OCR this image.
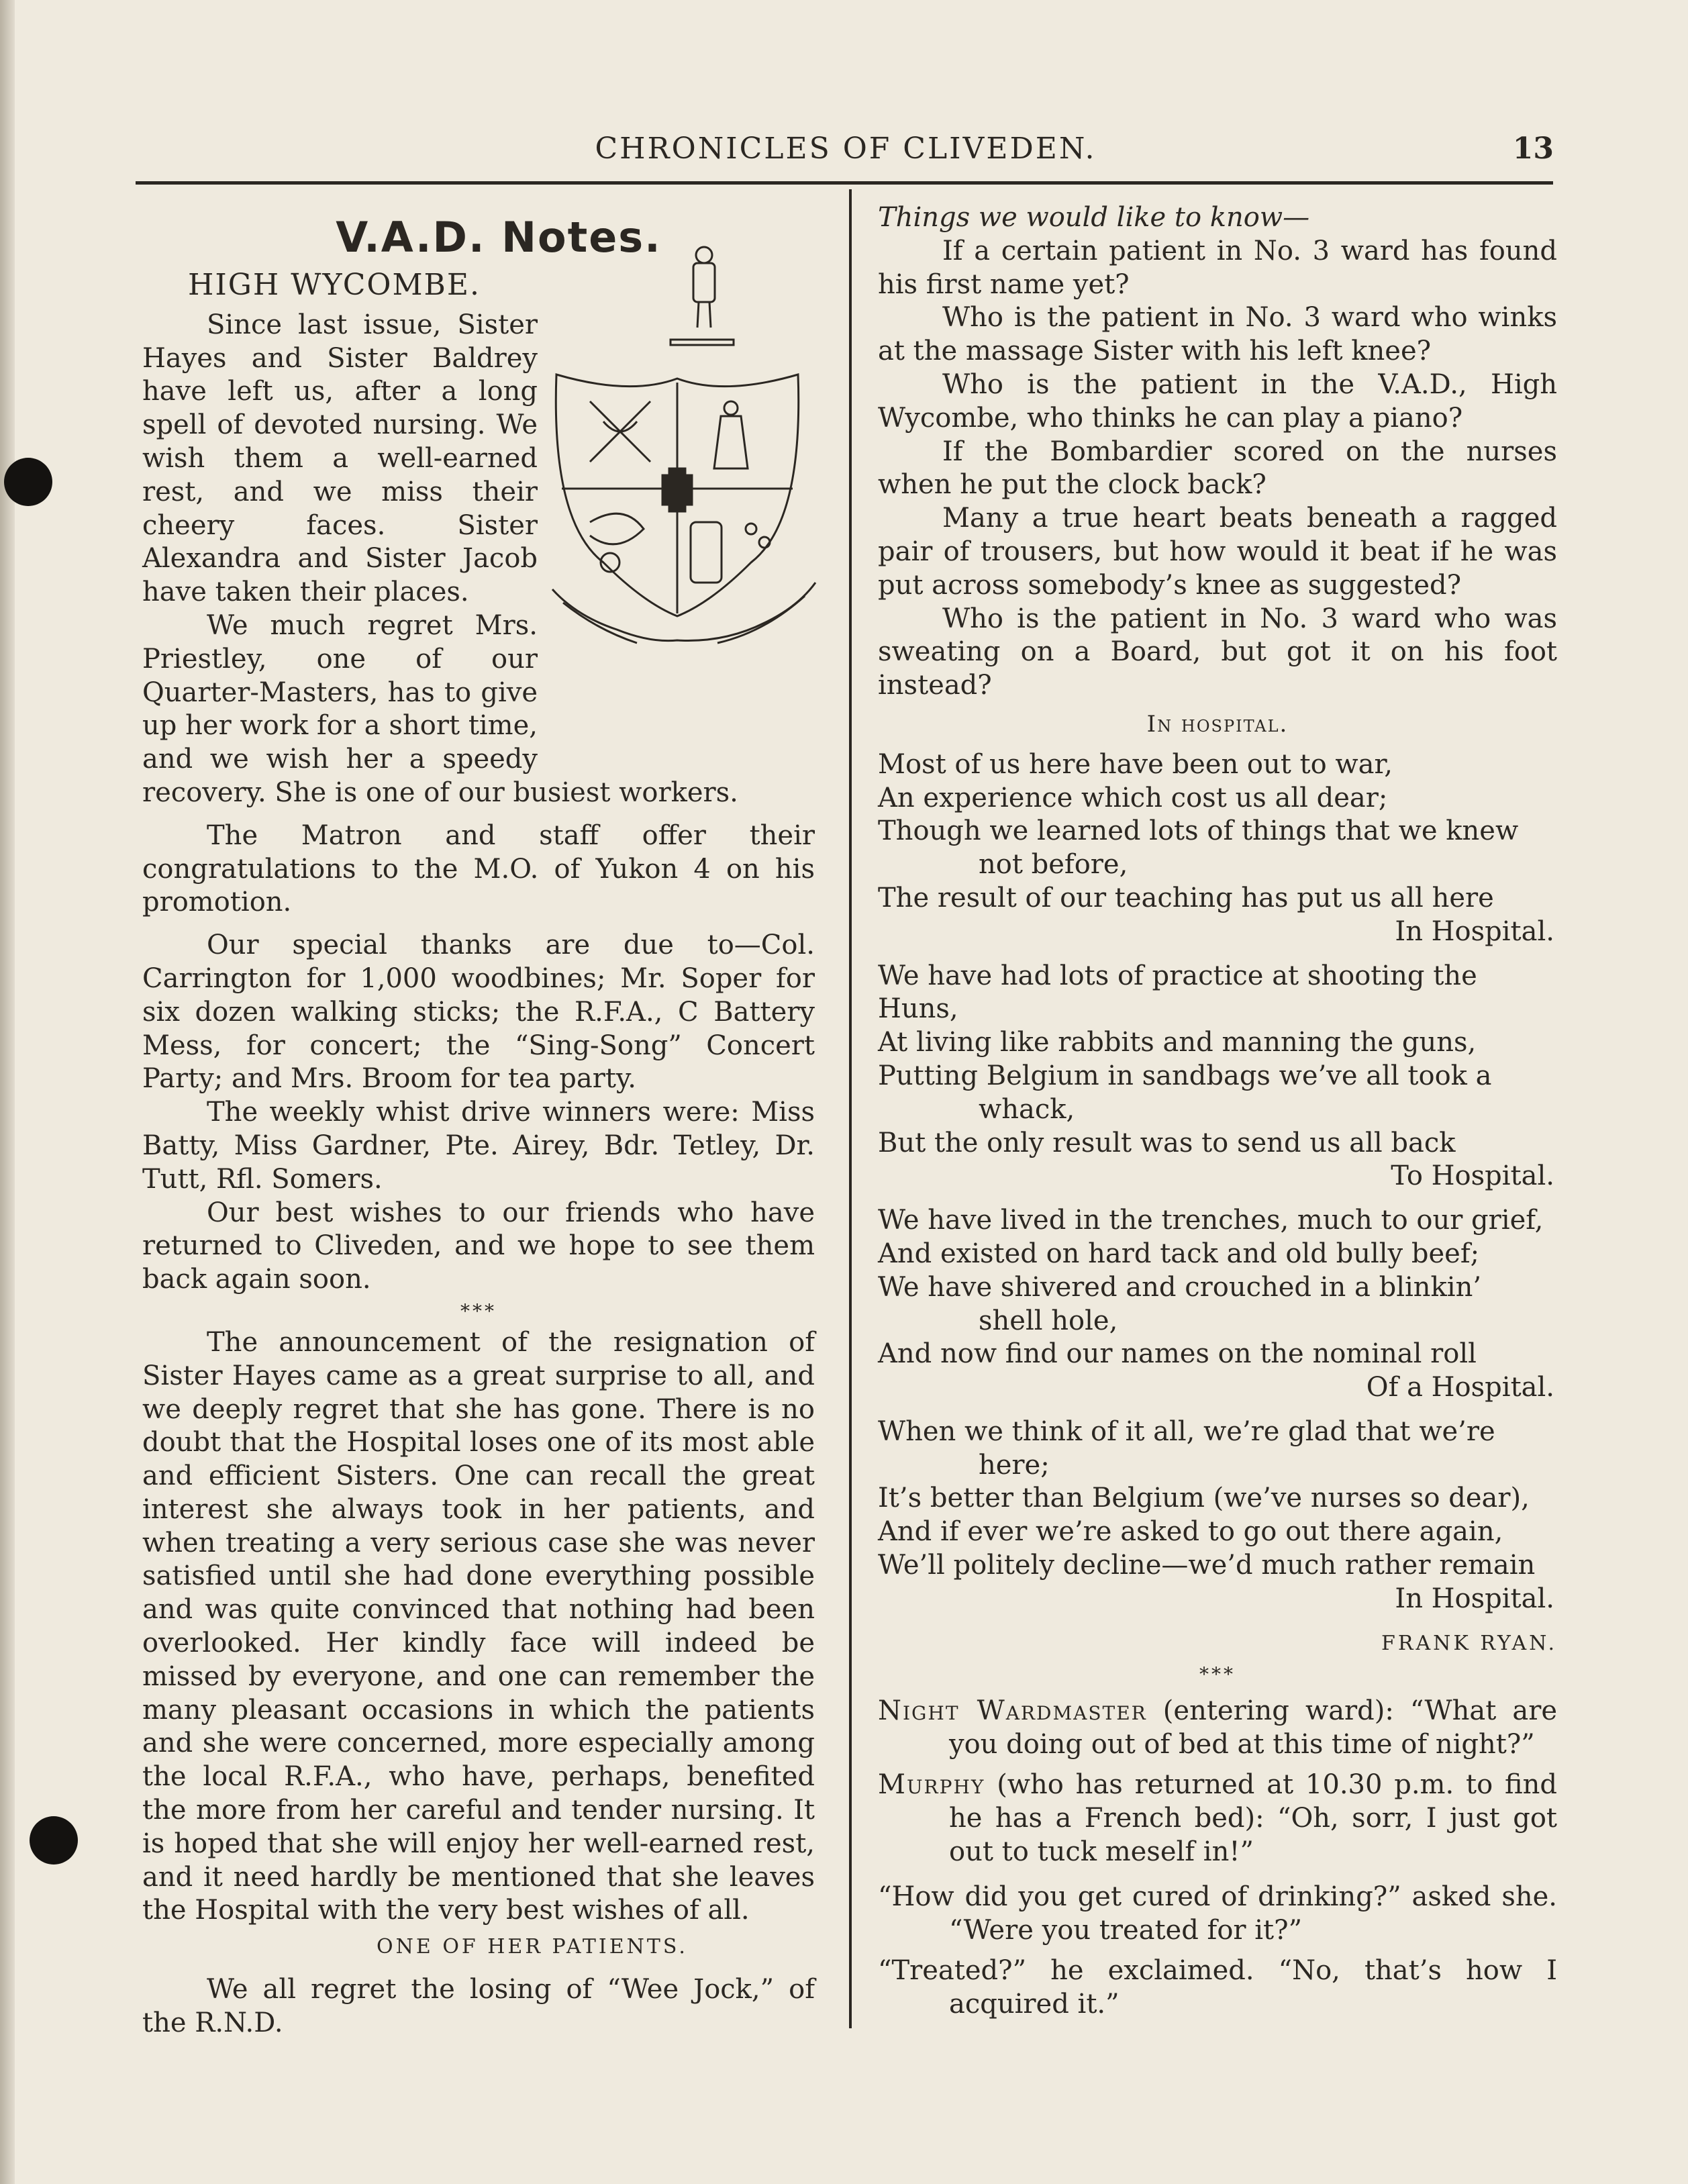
CHRONICLES OF CLIVEDEN.	13
V.A.D. Notes.
HIGH WYCOMBE.

Since last issue, Sister Hayes and Sister Baldrey have left us, after a long spell of devoted nursing. We wish them a well-earned rest, and we miss their cheery faces. Sister Alexandra and Sister Jacob have taken their places.

We much regret Mrs. Priestley, one of our Quarter-Masters, has to give up her work for a short time, and we wish her a speedy recovery. She is one of our busiest workers.

The Matron and staff offer their congratulations to the M.O. of Yukon 4 on his promotion.

Our special thanks are due to—Col. Carrington for 1,000 woodbines; Mr. Soper for six dozen walking sticks; the R.F.A., C Battery Mess, for concert; the “Sing-Song” Concert Party; and Mrs. Broom for tea party.

The weekly whist drive winners were: Miss Batty, Miss Gardner, Pte. Airey, Bdr. Tetley, Dr. Tutt, Rfl. Somers.

Our best wishes to our friends who have returned to Cliveden, and we hope to see them back again soon.

***

The announcement of the resignation of Sister Hayes came as a great surprise to all, and we deeply regret that she has gone. There is no doubt that the Hospital loses one of its most able and efficient Sisters. One can recall the great interest she always took in her patients, and when treating a very serious case she was never satisfied until she had done everything possible and was quite convinced that nothing had been overlooked. Her kindly face will indeed be missed by everyone, and one can remember the many pleasant occasions in which the patients and she were concerned, more especially among the local R.F.A., who have, perhaps, benefited the more from her careful and tender nursing. It is hoped that she will enjoy her well-earned rest, and it need hardly be mentioned that she leaves the Hospital with the very best wishes of all.

ONE OF HER PATIENTS.

We all regret the losing of “Wee Jock,” of the R.N.D.

Things we would like to know—

If a certain patient in No. 3 ward has found his first name yet?

Who is the patient in No. 3 ward who winks at the massage Sister with his left knee?

Who is the patient in the V.A.D., High Wycombe, who thinks he can play a piano?

If the Bombardier scored on the nurses when he put the clock back?

Many a true heart beats beneath a ragged pair of trousers, but how would it beat if he was put across somebody’s knee as suggested?

Who is the patient in No. 3 ward who was sweating on a Board, but got it on his foot instead?

In hospital.
Most of us here have been out to war,
An experience which cost us all dear;
Though we learned lots of things that we knew
not before,
The result of our teaching has put us all here
In Hospital.
We have had lots of practice at shooting the Huns,
At living like rabbits and manning the guns,
Putting Belgium in sandbags we’ve all took a
whack,
But the only result was to send us all back
To Hospital.
We have lived in the trenches, much to our grief,
And existed on hard tack and old bully beef;
We have shivered and crouched in a blinkin’
shell hole,
And now find our names on the nominal roll
Of a Hospital.
When we think of it all, we’re glad that we’re
here;
It’s better than Belgium (we’ve nurses so dear),
And if ever we’re asked to go out there again,
We’ll politely decline—we’d much rather remain
In Hospital.
FRANK RYAN.
***
Night Wardmaster (entering ward): “What are you doing out of bed at this time of night?”
Murphy (who has returned at 10.30 p.m. to find he has a French bed): “Oh, sorr, I just got out to tuck meself in!”
“How did you get cured of drinking?” asked she. “Were you treated for it?”
“Treated?” he exclaimed. “No, that’s how I acquired it.”
